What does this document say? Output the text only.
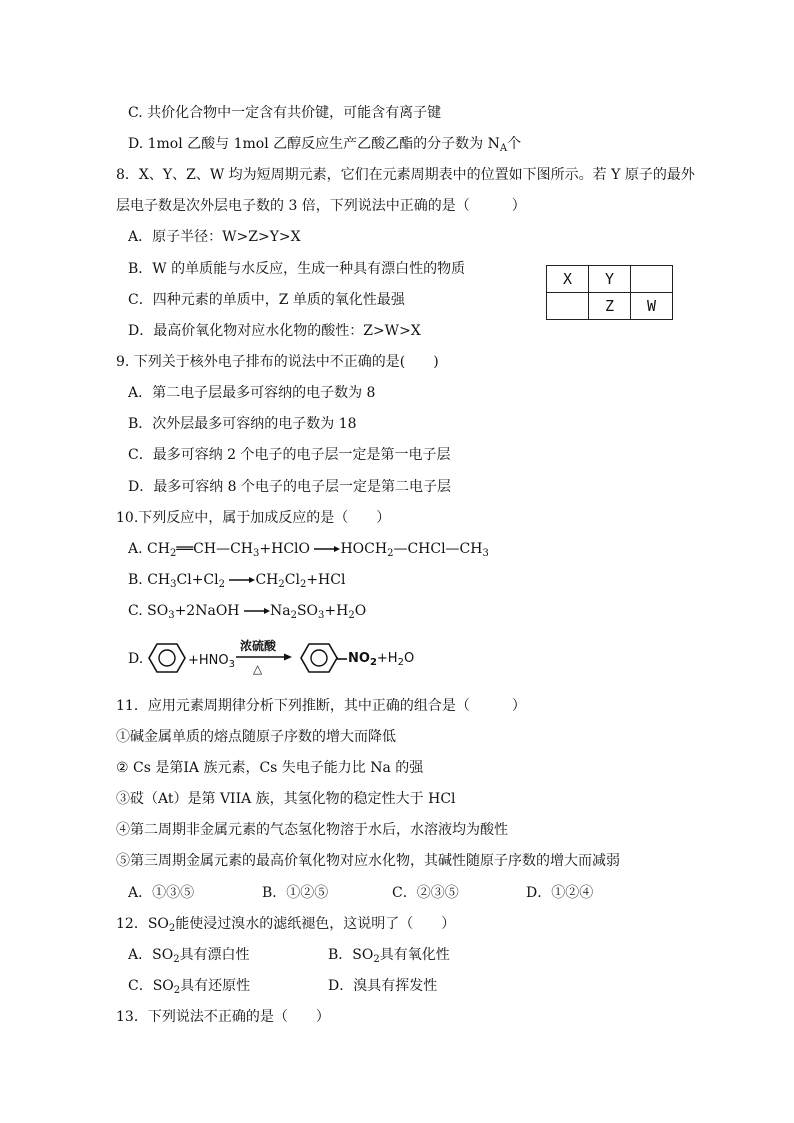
C. 共价化合物中一定含有共价键，可能含有离子键
D. 1mol 乙酸与 1mol 乙醇反应生产乙酸乙酯的分子数为 $N_A$个
8．X、Y、Z、W 均为短周期元素，它们在元素周期表中的位置如下图所示。若 Y 原子的最外
层电子数是次外层电子数的 3 倍，下列说法中正确的是（　　　）
A．原子半径：W>Z>Y>X
B．W 的单质能与水反应，生成一种具有漂白性的物质
C．四种元素的单质中，Z 单质的氧化性最强
D．最高价氧化物对应水化物的酸性：Z>W>X
X	Y	
	Z	W
9. 下列关于核外电子排布的说法中不正确的是(　　)
A．第二电子层最多可容纳的电子数为 8
B．次外层最多可容纳的电子数为 18
C．最多可容纳 2 个电子的电子层一定是第一电子层
D．最多可容纳 8 个电子的电子层一定是第二电子层
10.下列反应中，属于加成反应的是（　　）
A. $CH_2══CH—CH_3+HClO$ $\to HOCH_2—CHCl—CH_3$
B. $CH_3Cl+Cl_2 \to CH_2Cl_2+HCl$
C. $SO_3+2NaOH \to Na_2SO_3+H_2O$
D.	$+HNO_3$
浓硫酸
△
$NO_2+H_2O$
11．应用元素周期律分析下列推断，其中正确的组合是（　　　）
①碱金属单质的熔点随原子序数的增大而降低
② Cs 是第ⅠA 族元素，Cs 失电子能力比 Na 的强
③砹（At）是第 VIIA 族，其氢化物的稳定性大于 HCl
④第二周期非金属元素的气态氢化物溶于水后，水溶液均为酸性
⑤第三周期金属元素的最高价氧化物对应水化物，其碱性随原子序数的增大而减弱
A．①③⑤	B．①②⑤	C．②③⑤	D．①②④
12．$SO_2$能使浸过溴水的滤纸褪色，这说明了（　　）
A．$SO_2$具有漂白性	B．$SO_2$具有氧化性
C．$SO_2$具有还原性	D．溴具有挥发性
13．下列说法不正确的是（　　）
